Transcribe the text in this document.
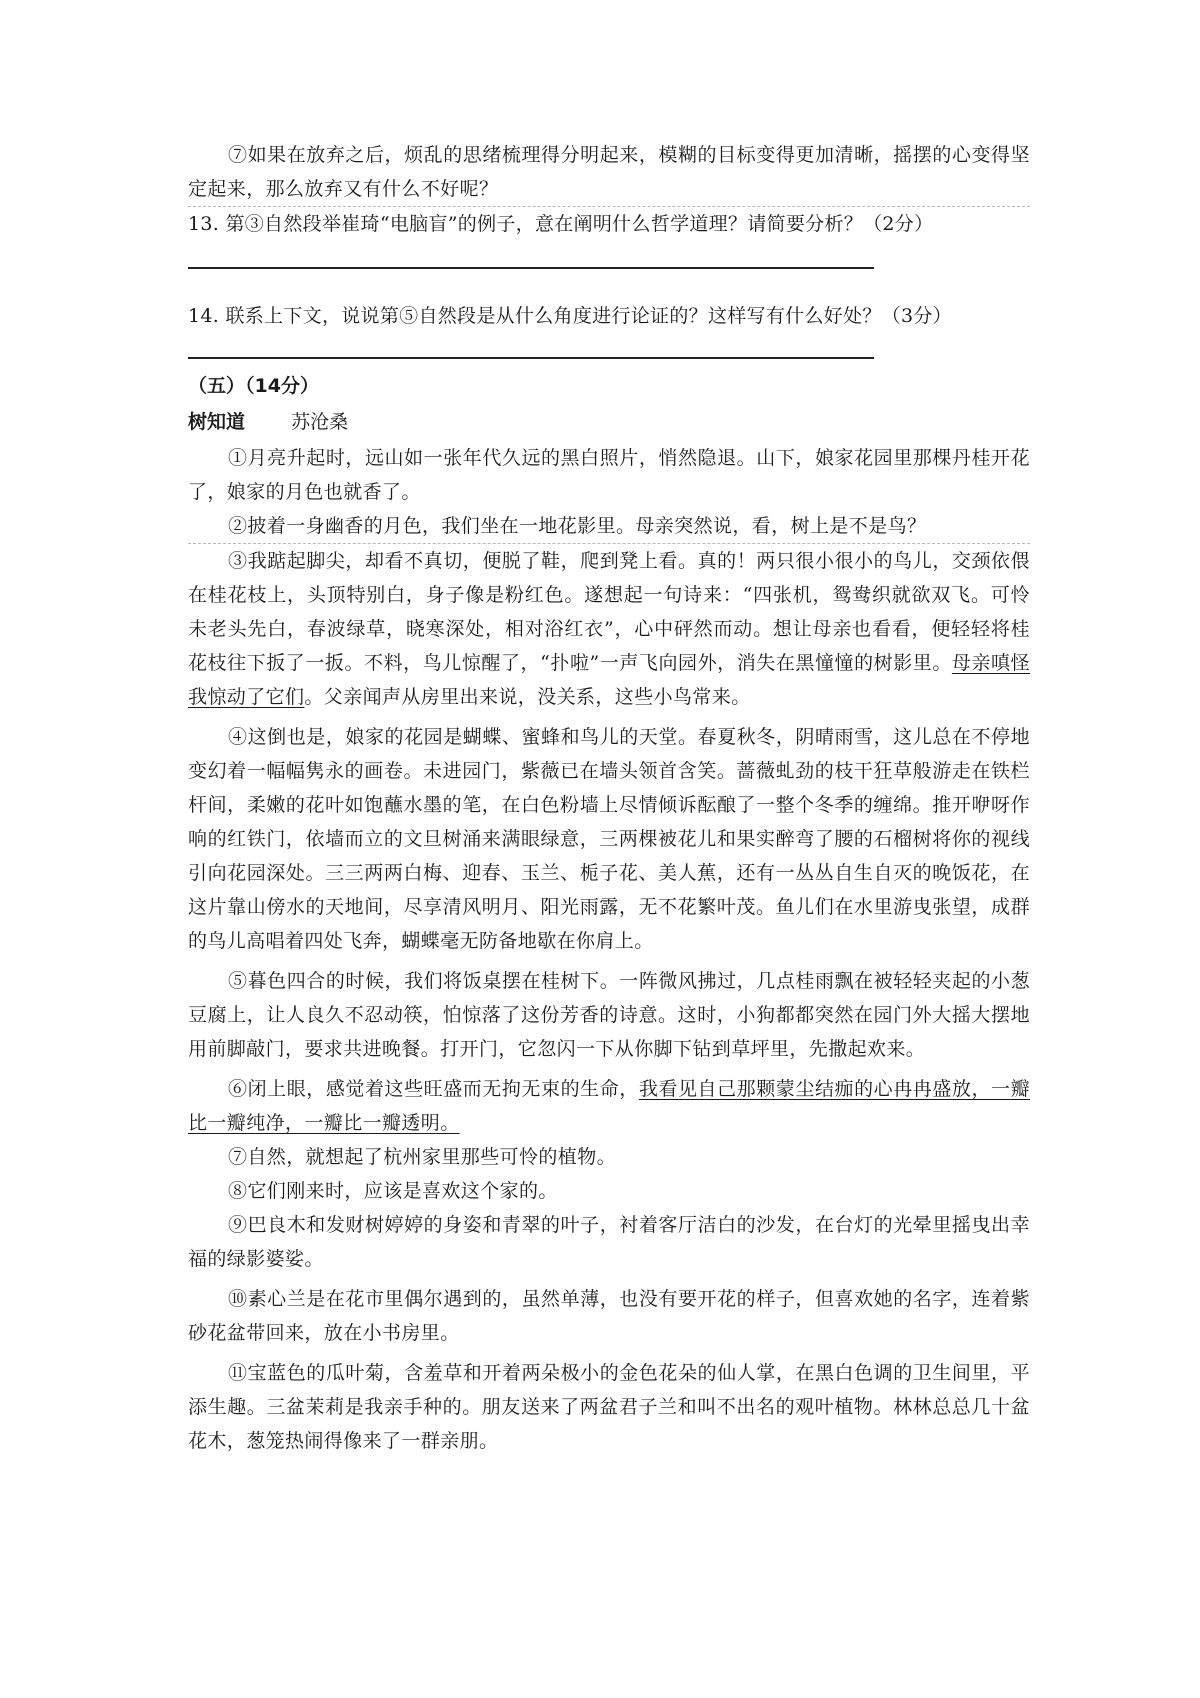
⑦如果在放弃之后，烦乱的思绪梳理得分明起来，模糊的目标变得更加清晰，摇摆的心变得坚定起来，那么放弃又有什么不好呢？

13. 第③自然段举崔琦“电脑盲”的例子，意在阐明什么哲学道理？请简要分析？（2分）

14. 联系上下文，说说第⑤自然段是从什么角度进行论证的？这样写有什么好处？（3分）

（五）（14分）
树知道 苏沧桑

①月亮升起时，远山如一张年代久远的黑白照片，悄然隐退。山下，娘家花园里那棵丹桂开花了，娘家的月色也就香了。

②披着一身幽香的月色，我们坐在一地花影里。母亲突然说，看，树上是不是鸟？

③我踮起脚尖，却看不真切，便脱了鞋，爬到凳上看。真的！两只很小很小的鸟儿，交颈依偎在桂花枝上，头顶特别白，身子像是粉红色。遂想起一句诗来：“四张机，鸳鸯织就欲双飞。可怜未老头先白，春波绿草，晓寒深处，相对浴红衣”，心中砰然而动。想让母亲也看看，便轻轻将桂花枝往下扳了一扳。不料，鸟儿惊醒了，“扑啦”一声飞向园外，消失在黑憧憧的树影里。母亲嗔怪我惊动了它们。父亲闻声从房里出来说，没关系，这些小鸟常来。

④这倒也是，娘家的花园是蝴蝶、蜜蜂和鸟儿的天堂。春夏秋冬，阴晴雨雪，这儿总在不停地变幻着一幅幅隽永的画卷。未进园门，紫薇已在墙头领首含笑。蔷薇虬劲的枝干狂草般游走在铁栏杆间，柔嫩的花叶如饱蘸水墨的笔，在白色粉墙上尽情倾诉酝酿了一整个冬季的缠绵。推开咿呀作响的红铁门，依墙而立的文旦树涌来满眼绿意，三两棵被花儿和果实醉弯了腰的石榴树将你的视线引向花园深处。三三两两白梅、迎春、玉兰、栀子花、美人蕉，还有一丛丛自生自灭的晚饭花，在这片靠山傍水的天地间，尽享清风明月、阳光雨露，无不花繁叶茂。鱼儿们在水里游曳张望，成群的鸟儿高唱着四处飞奔，蝴蝶毫无防备地歇在你肩上。

⑤暮色四合的时候，我们将饭桌摆在桂树下。一阵微风拂过，几点桂雨飘在被轻轻夹起的小葱豆腐上，让人良久不忍动筷，怕惊落了这份芳香的诗意。这时，小狗都都突然在园门外大摇大摆地用前脚敲门，要求共进晚餐。打开门，它忽闪一下从你脚下钻到草坪里，先撒起欢来。

⑥闭上眼，感觉着这些旺盛而无拘无束的生命，我看见自己那颗蒙尘结痂的心冉冉盛放，一瓣比一瓣纯净，一瓣比一瓣透明。

⑦自然，就想起了杭州家里那些可怜的植物。

⑧它们刚来时，应该是喜欢这个家的。

⑨巴良木和发财树婷婷的身姿和青翠的叶子，衬着客厅洁白的沙发，在台灯的光晕里摇曳出幸福的绿影婆娑。

⑩素心兰是在花市里偶尔遇到的，虽然单薄，也没有要开花的样子，但喜欢她的名字，连着紫砂花盆带回来，放在小书房里。

⑪宝蓝色的瓜叶菊，含羞草和开着两朵极小的金色花朵的仙人掌，在黑白色调的卫生间里，平添生趣。三盆茉莉是我亲手种的。朋友送来了两盆君子兰和叫不出名的观叶植物。林林总总几十盆花木，葱笼热闹得像来了一群亲朋。
